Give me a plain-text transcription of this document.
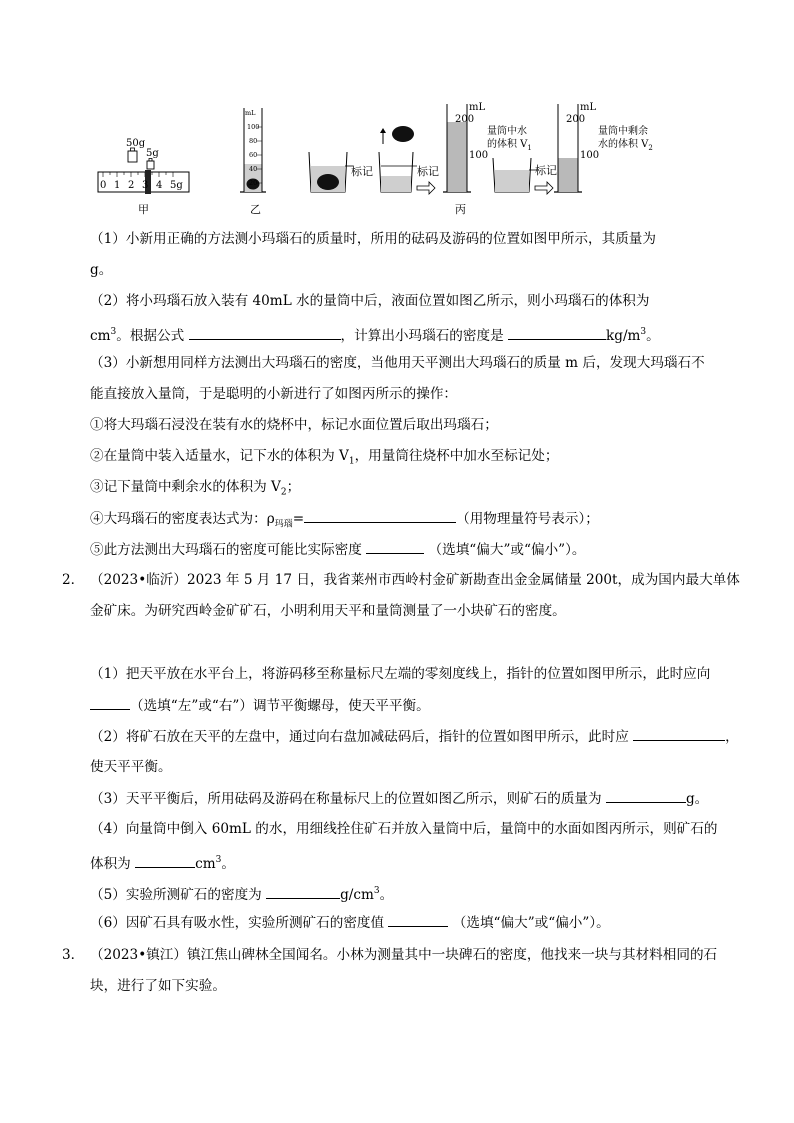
50g
5g
0 1 2 3 4 5g
甲
mL
100
80
60
40
20
乙
标记	标记
mL
200
100
量筒中水
的体积 $V_1$
标记
mL
200
100
量筒中剩余
水的体积 $V_2$
丙
（1）小新用正确的方法测小玛瑙石的质量时，所用的砝码及游码的位置如图甲所示，其质量为
g。
（2）将小玛瑙石放入装有 40mL 水的量筒中后，液面位置如图乙所示，则小玛瑙石的体积为
$cm^3$。根据公式	，计算出小玛瑙石的密度是	$kg/m^3$。
（3）小新想用同样方法测出大玛瑙石的密度，当他用天平测出大玛瑙石的质量 m 后，发现大玛瑙石不
能直接放入量筒，于是聪明的小新进行了如图丙所示的操作：
①将大玛瑙石浸没在装有水的烧杯中，标记水面位置后取出玛瑙石；
②在量筒中装入适量水，记下水的体积为 $V_1$，用量筒往烧杯中加水至标记处；
③记下量筒中剩余水的体积为 $V_2$；
④大玛瑙石的密度表达式为：$\rho_{玛瑙}=$	（用物理量符号表示）；
⑤此方法测出大玛瑙石的密度可能比实际密度	（选填“偏大”或“偏小”）。
2． （2023•临沂）2023 年 5 月 17 日，我省莱州市西岭村金矿新勘查出金金属储量 200t，成为国内最大单体
金矿床。为研究西岭金矿矿石，小明利用天平和量筒测量了一小块矿石的密度。
（1）把天平放在水平台上，将游码移至称量标尺左端的零刻度线上，指针的位置如图甲所示，此时应向
（选填“左”或“右”）调节平衡螺母，使天平平衡。
（2）将矿石放在天平的左盘中，通过向右盘加减砝码后，指针的位置如图甲所示，此时应	，
使天平平衡。
（3）天平平衡后，所用砝码及游码在称量标尺上的位置如图乙所示，则矿石的质量为	g。
（4）向量筒中倒入 60mL 的水，用细线拴住矿石并放入量筒中后，量筒中的水面如图丙所示，则矿石的
体积为	$cm^3$。
（5）实验所测矿石的密度为	$g/cm^3$。
（6）因矿石具有吸水性，实验所测矿石的密度值	（选填“偏大”或“偏小”）。
3． （2023•镇江）镇江焦山碑林全国闻名。小林为测量其中一块碑石的密度，他找来一块与其材料相同的石
块，进行了如下实验。
